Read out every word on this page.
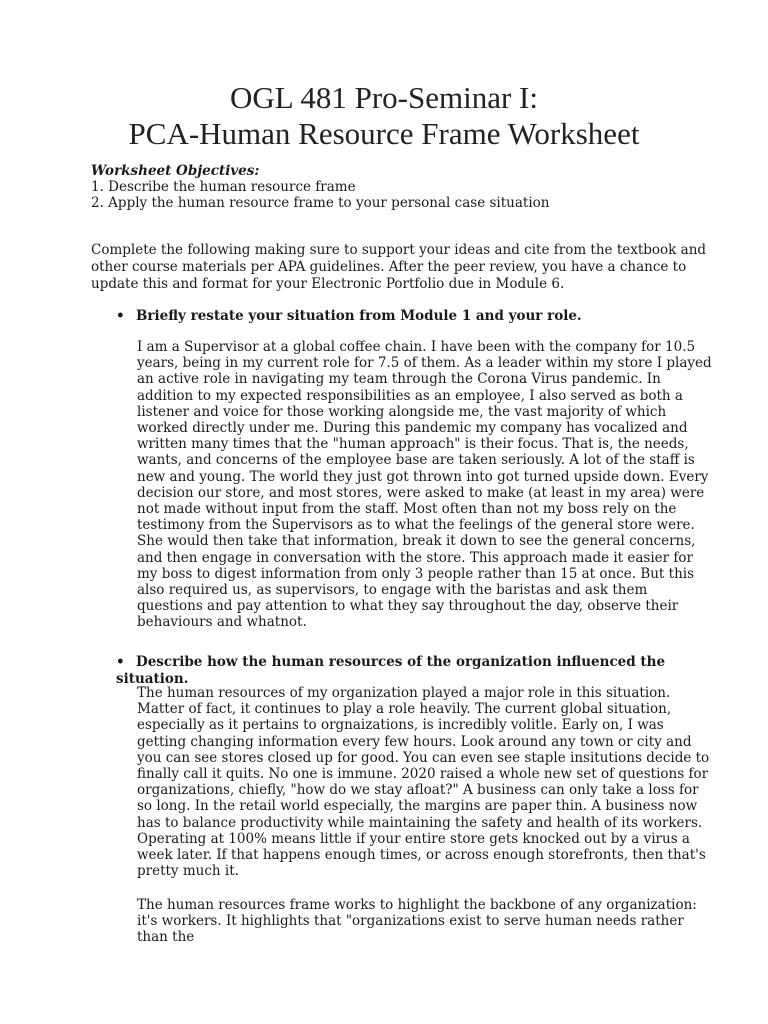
OGL 481 Pro-Seminar I:
PCA-Human Resource Frame Worksheet
Worksheet Objectives:
1. Describe the human resource frame
2. Apply the human resource frame to your personal case situation
Complete the following making sure to support your ideas and cite from the textbook and other course materials per APA guidelines. After the peer review, you have a chance to update this and format for your Electronic Portfolio due in Module 6.
• Briefly restate your situation from Module 1 and your role.

I am a Supervisor at a global coffee chain. I have been with the company for 10.5 years, being in my current role for 7.5 of them. As a leader within my store I played an active role in navigating my team through the Corona Virus pandemic. In addition to my expected responsibilities as an employee, I also served as both a listener and voice for those working alongside me, the vast majority of which worked directly under me. During this pandemic my company has vocalized and written many times that the "human approach" is their focus. That is, the needs, wants, and concerns of the employee base are taken seriously. A lot of the staff is new and young. The world they just got thrown into got turned upside down. Every decision our store, and most stores, were asked to make (at least in my area) were not made without input from the staff. Most often than not my boss rely on the testimony from the Supervisors as to what the feelings of the general store were. She would then take that information, break it down to see the general concerns, and then engage in conversation with the store. This approach made it easier for my boss to digest information from only 3 people rather than 15 at once. But this also required us, as supervisors, to engage with the baristas and ask them questions and pay attention to what they say throughout the day, observe their behaviours and whatnot.

• Describe how the human resources of the organization influenced the situation.

The human resources of my organization played a major role in this situation. Matter of fact, it continues to play a role heavily. The current global situation, especially as it pertains to orgnaizations, is incredibly volitle. Early on, I was getting changing information every few hours. Look around any town or city and you can see stores closed up for good. You can even see staple insitutions decide to finally call it quits. No one is immune. 2020 raised a whole new set of questions for organizations, chiefly, "how do we stay afloat?" A business can only take a loss for so long. In the retail world especially, the margins are paper thin. A business now has to balance productivity while maintaining the safety and health of its workers. Operating at 100% means little if your entire store gets knocked out by a virus a week later. If that happens enough times, or across enough storefronts, then that's pretty much it.

The human resources frame works to highlight the backbone of any organization: it's workers. It highlights that "organizations exist to serve human needs rather than the
